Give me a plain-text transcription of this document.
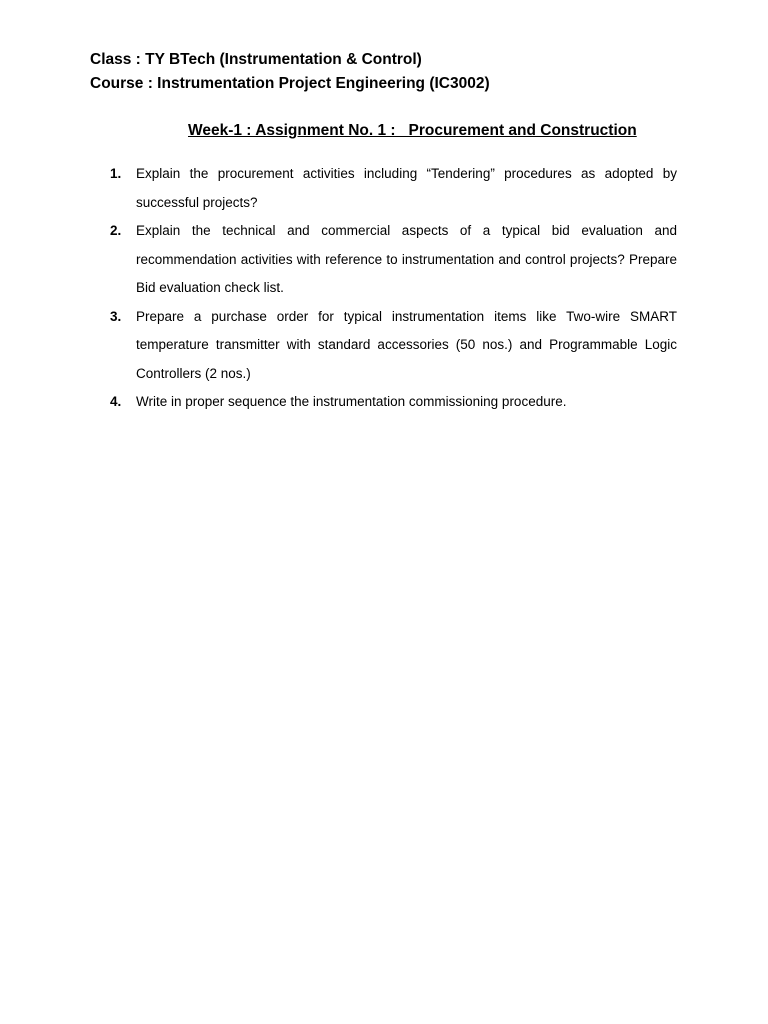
Class : TY BTech (Instrumentation & Control)
Course : Instrumentation Project Engineering (IC3002)
Week-1 : Assignment No. 1 :   Procurement and Construction
1. Explain the procurement activities including “Tendering” procedures as adopted by successful projects?
2. Explain the technical and commercial aspects of a typical bid evaluation and recommendation activities with reference to instrumentation and control projects? Prepare Bid evaluation check list.
3. Prepare a purchase order for typical instrumentation items like Two-wire SMART temperature transmitter with standard accessories (50 nos.) and Programmable Logic Controllers (2 nos.)
4. Write in proper sequence the instrumentation commissioning procedure.
